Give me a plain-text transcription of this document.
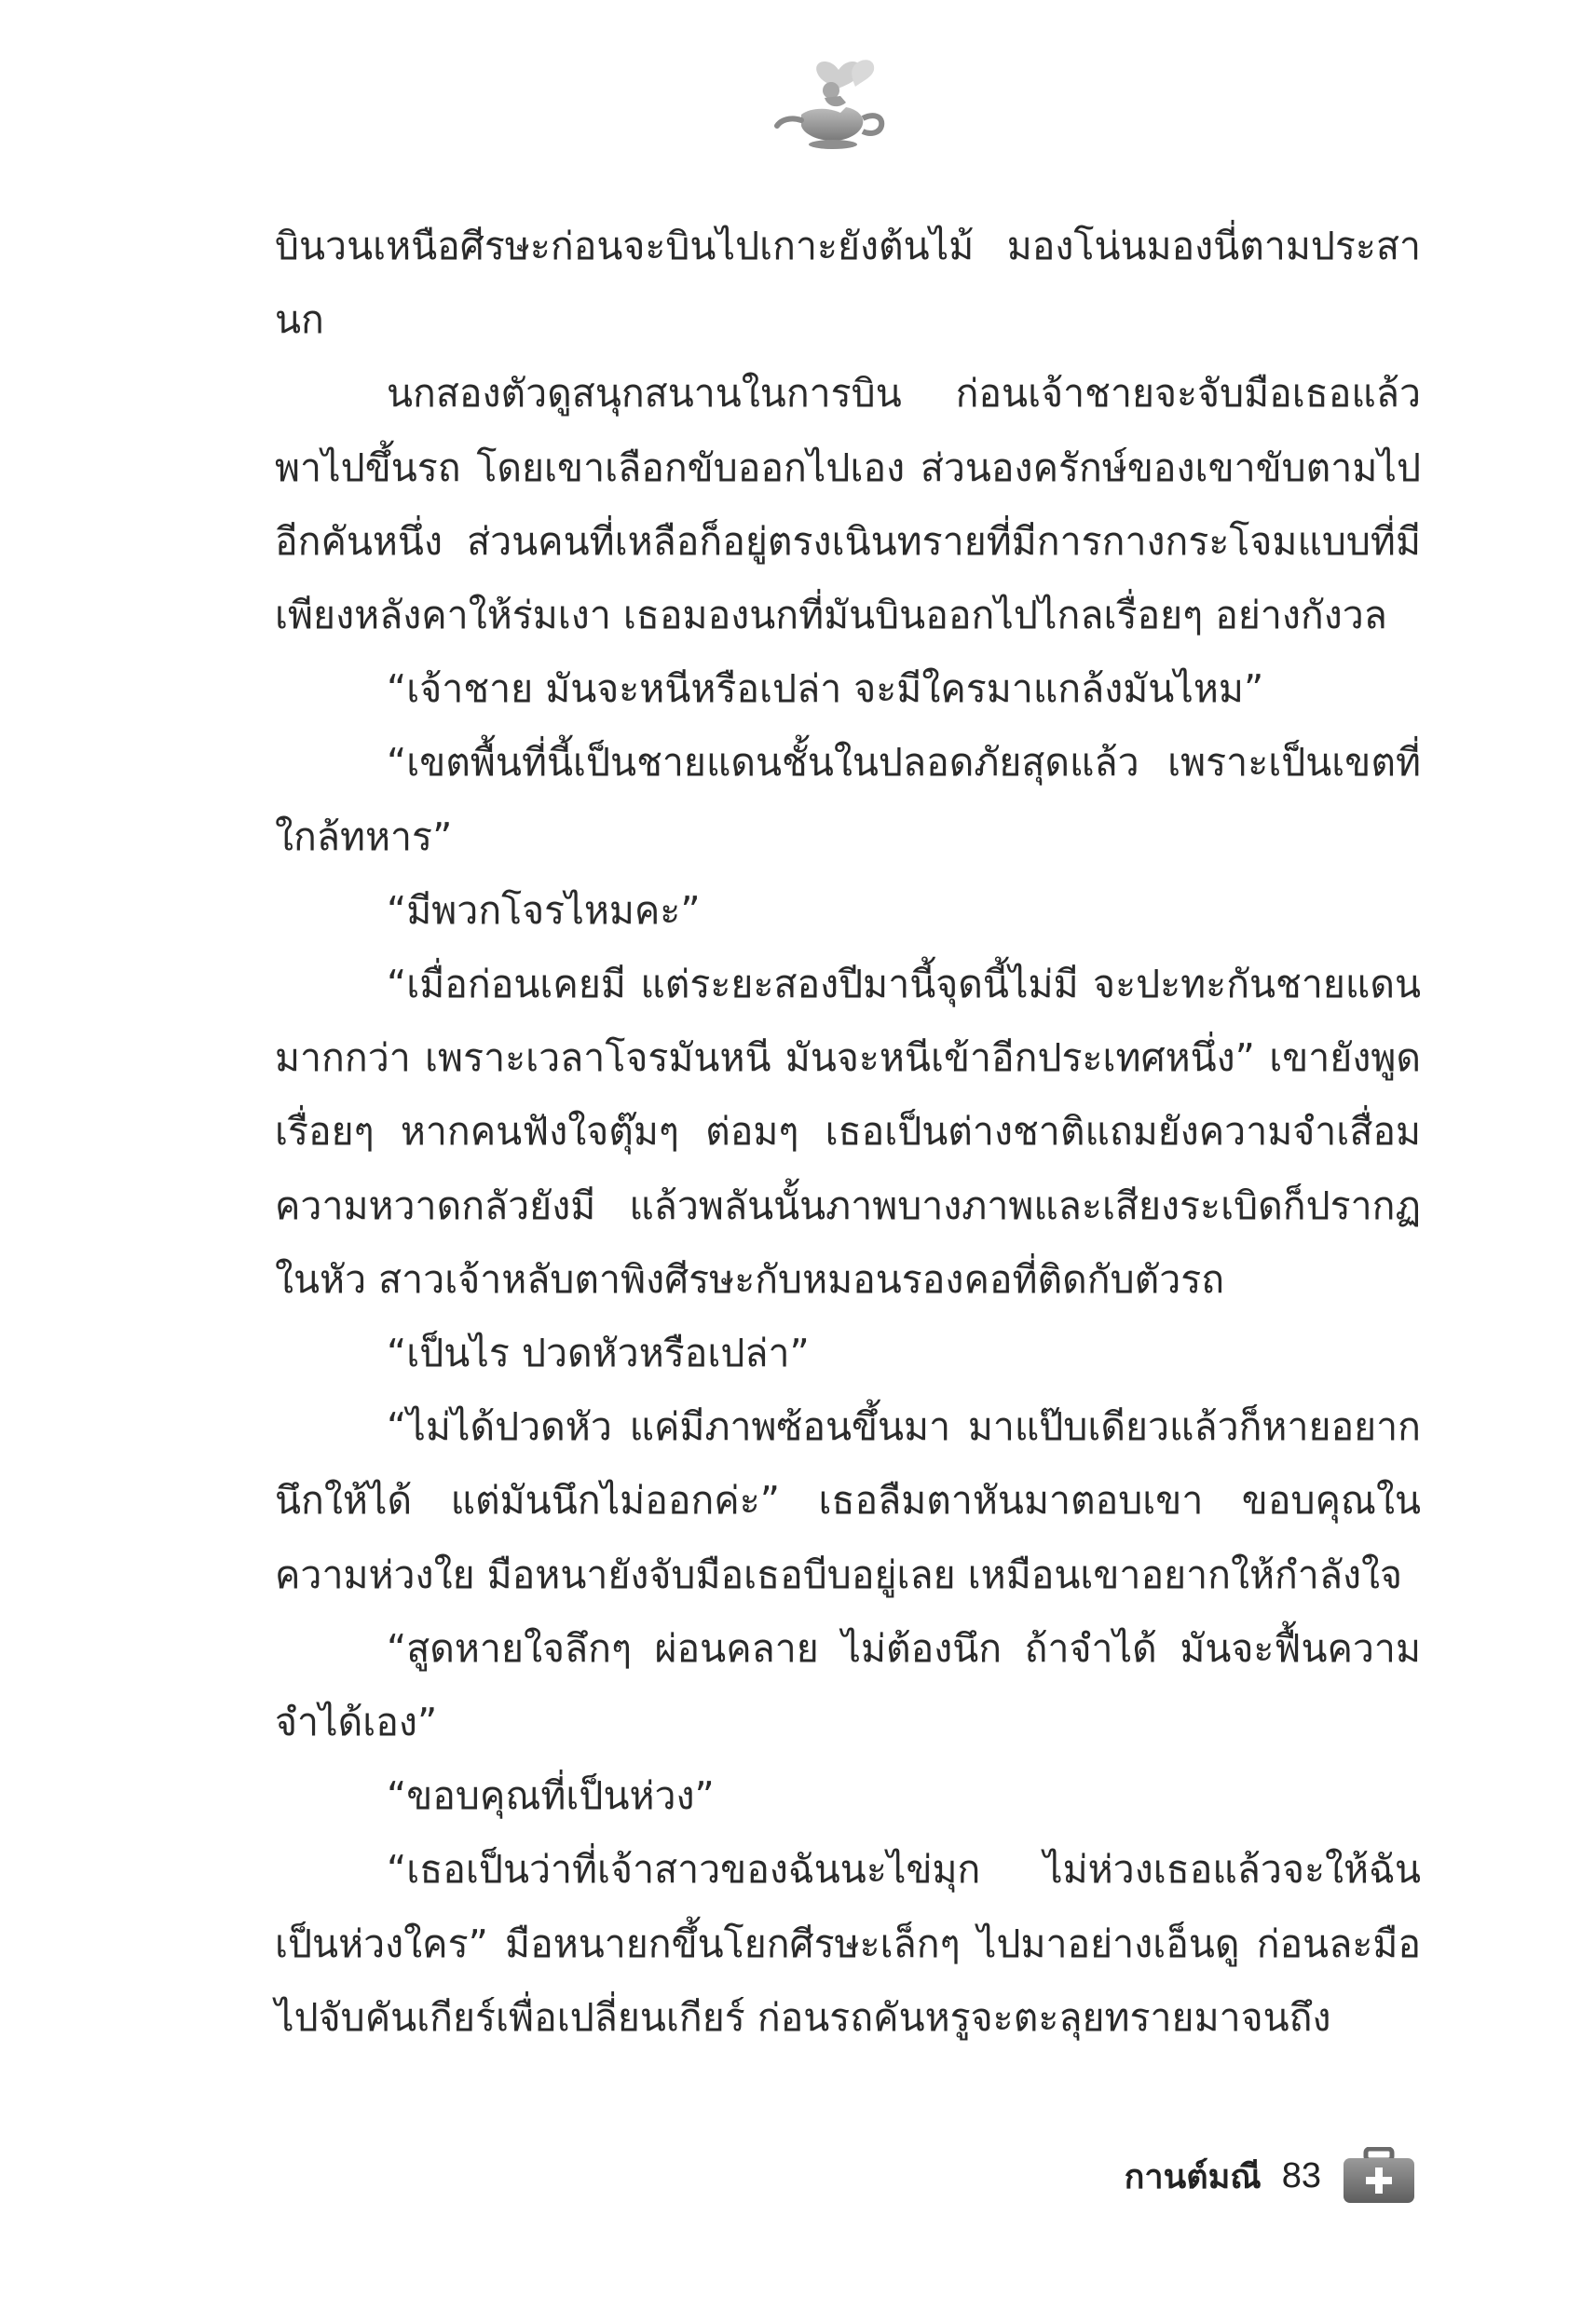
บินวนเหนือศีรษะก่อนจะบินไปเกาะยังต้นไม้ มองโน่นมองนี่ตามประสานก

นกสองตัวดูสนุกสนานในการบิน ก่อนเจ้าชายจะจับมือเธอแล้วพาไปขึ้นรถ โดยเขาเลือกขับออกไปเอง ส่วนองครักษ์ของเขาขับตามไปอีกคันหนึ่ง ส่วนคนที่เหลือก็อยู่ตรงเนินทรายที่มีการกางกระโจมแบบที่มีเพียงหลังคาให้ร่มเงา เธอมองนกที่มันบินออกไปไกลเรื่อยๆ อย่างกังวล

“เจ้าชาย มันจะหนีหรือเปล่า จะมีใครมาแกล้งมันไหม”

“เขตพื้นที่นี้เป็นชายแดนชั้นในปลอดภัยสุดแล้ว เพราะเป็นเขตที่ใกล้ทหาร”

“มีพวกโจรไหมคะ”

“เมื่อก่อนเคยมี แต่ระยะสองปีมานี้จุดนี้ไม่มี จะปะทะกันชายแดนมากกว่า เพราะเวลาโจรมันหนี มันจะหนีเข้าอีกประเทศหนึ่ง” เขายังพูดเรื่อยๆ หากคนฟังใจตุ๊มๆ ต่อมๆ เธอเป็นต่างชาติแถมยังความจำเสื่อมความหวาดกลัวยังมี แล้วพลันนั้นภาพบางภาพและเสียงระเบิดก็ปรากฏในหัว สาวเจ้าหลับตาพิงศีรษะกับหมอนรองคอที่ติดกับตัวรถ

“เป็นไร ปวดหัวหรือเปล่า”

“ไม่ได้ปวดหัว แค่มีภาพซ้อนขึ้นมา มาแป๊บเดียวแล้วก็หายอยากนึกให้ได้ แต่มันนึกไม่ออกค่ะ” เธอลืมตาหันมาตอบเขา ขอบคุณในความห่วงใย มือหนายังจับมือเธอบีบอยู่เลย เหมือนเขาอยากให้กำลังใจ

“สูดหายใจลึกๆ ผ่อนคลาย ไม่ต้องนึก ถ้าจำได้ มันจะฟื้นความจำได้เอง”

“ขอบคุณที่เป็นห่วง”

“เธอเป็นว่าที่เจ้าสาวของฉันนะไข่มุก ไม่ห่วงเธอแล้วจะให้ฉันเป็นห่วงใคร” มือหนายกขึ้นโยกศีรษะเล็กๆ ไปมาอย่างเอ็นดู ก่อนละมือไปจับคันเกียร์เพื่อเปลี่ยนเกียร์ ก่อนรถคันหรูจะตะลุยทรายมาจนถึง

กานต์มณี 83
